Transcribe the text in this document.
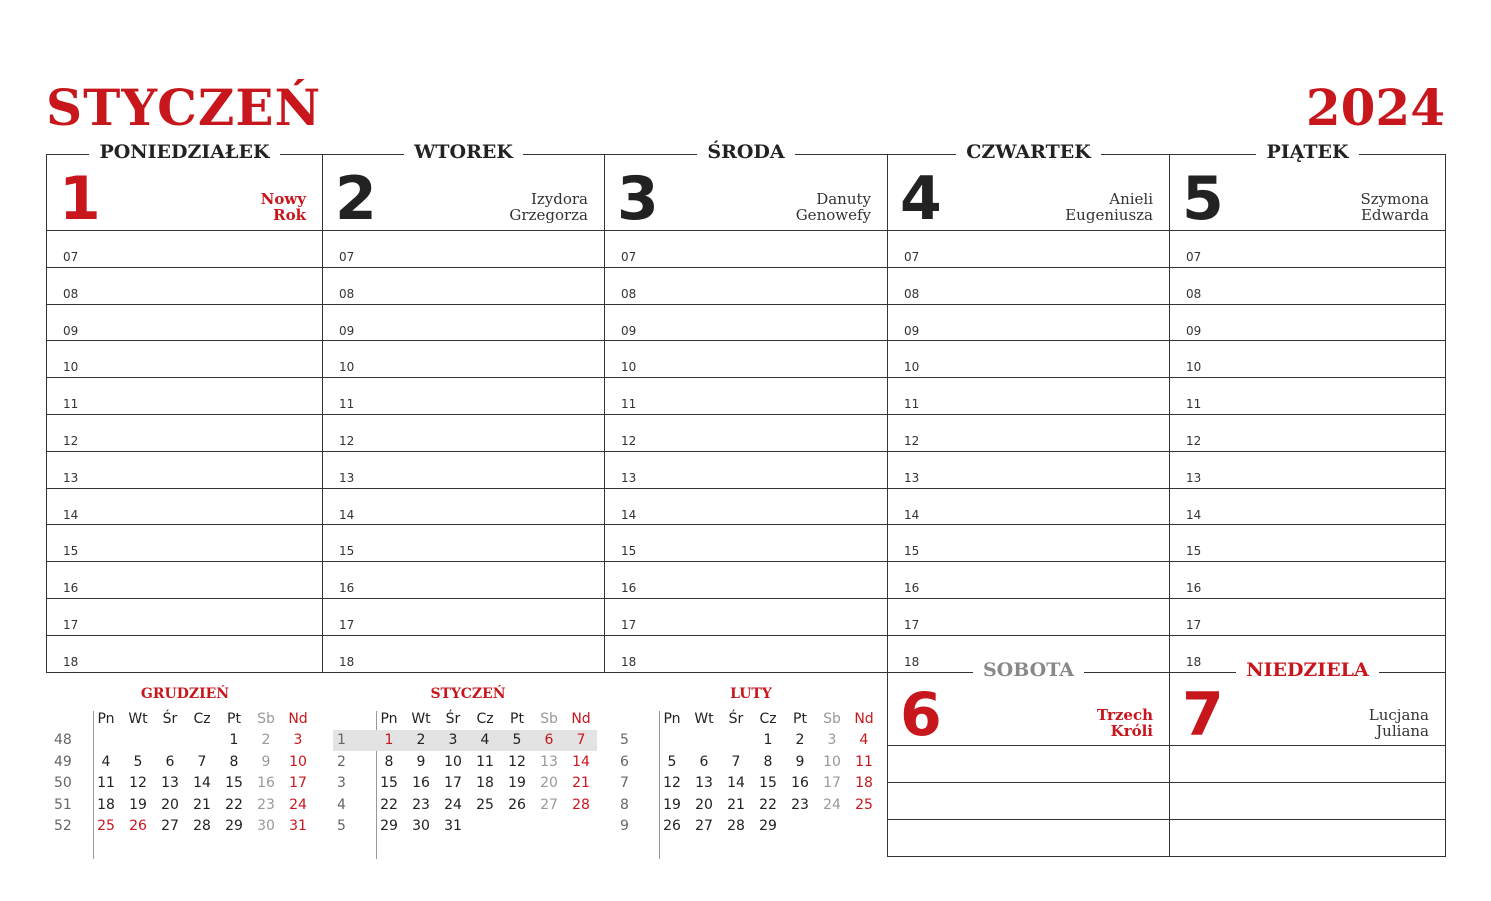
STYCZEŃ	2024
PONIEDZIAŁEK
1	Nowy
Rok
07
08
09
10
11
12
13
14
15
16
17
18
WTOREK
2	Izydora
Grzegorza
07
08
09
10
11
12
13
14
15
16
17
18
ŚRODA
3	Danuty
Genowefy
07
08
09
10
11
12
13
14
15
16
17
18
CZWARTEK
4	Anieli
Eugeniusza
07
08
09
10
11
12
13
14
15
16
17
18
PIĄTEK
5	Szymona
Edwarda
07
08
09
10
11
12
13
14
15
16
17
18
SOBOTA
6	Trzech
Króli
NIEDZIELA
7	Lucjana
Juliana
GRUDZIEŃ
	Pn	Wt	Śr	Cz	Pt	Sb	Nd
48					1	2	3
49	4	5	6	7	8	9	10
50	11	12	13	14	15	16	17
51	18	19	20	21	22	23	24
52	25	26	27	28	29	30	31
STYCZEŃ
	Pn	Wt	Śr	Cz	Pt	Sb	Nd
1	1	2	3	4	5	6	7
2	8	9	10	11	12	13	14
3	15	16	17	18	19	20	21
4	22	23	24	25	26	27	28
5	29	30	31				
LUTY
	Pn	Wt	Śr	Cz	Pt	Sb	Nd
5				1	2	3	4
6	5	6	7	8	9	10	11
7	12	13	14	15	16	17	18
8	19	20	21	22	23	24	25
9	26	27	28	29			
